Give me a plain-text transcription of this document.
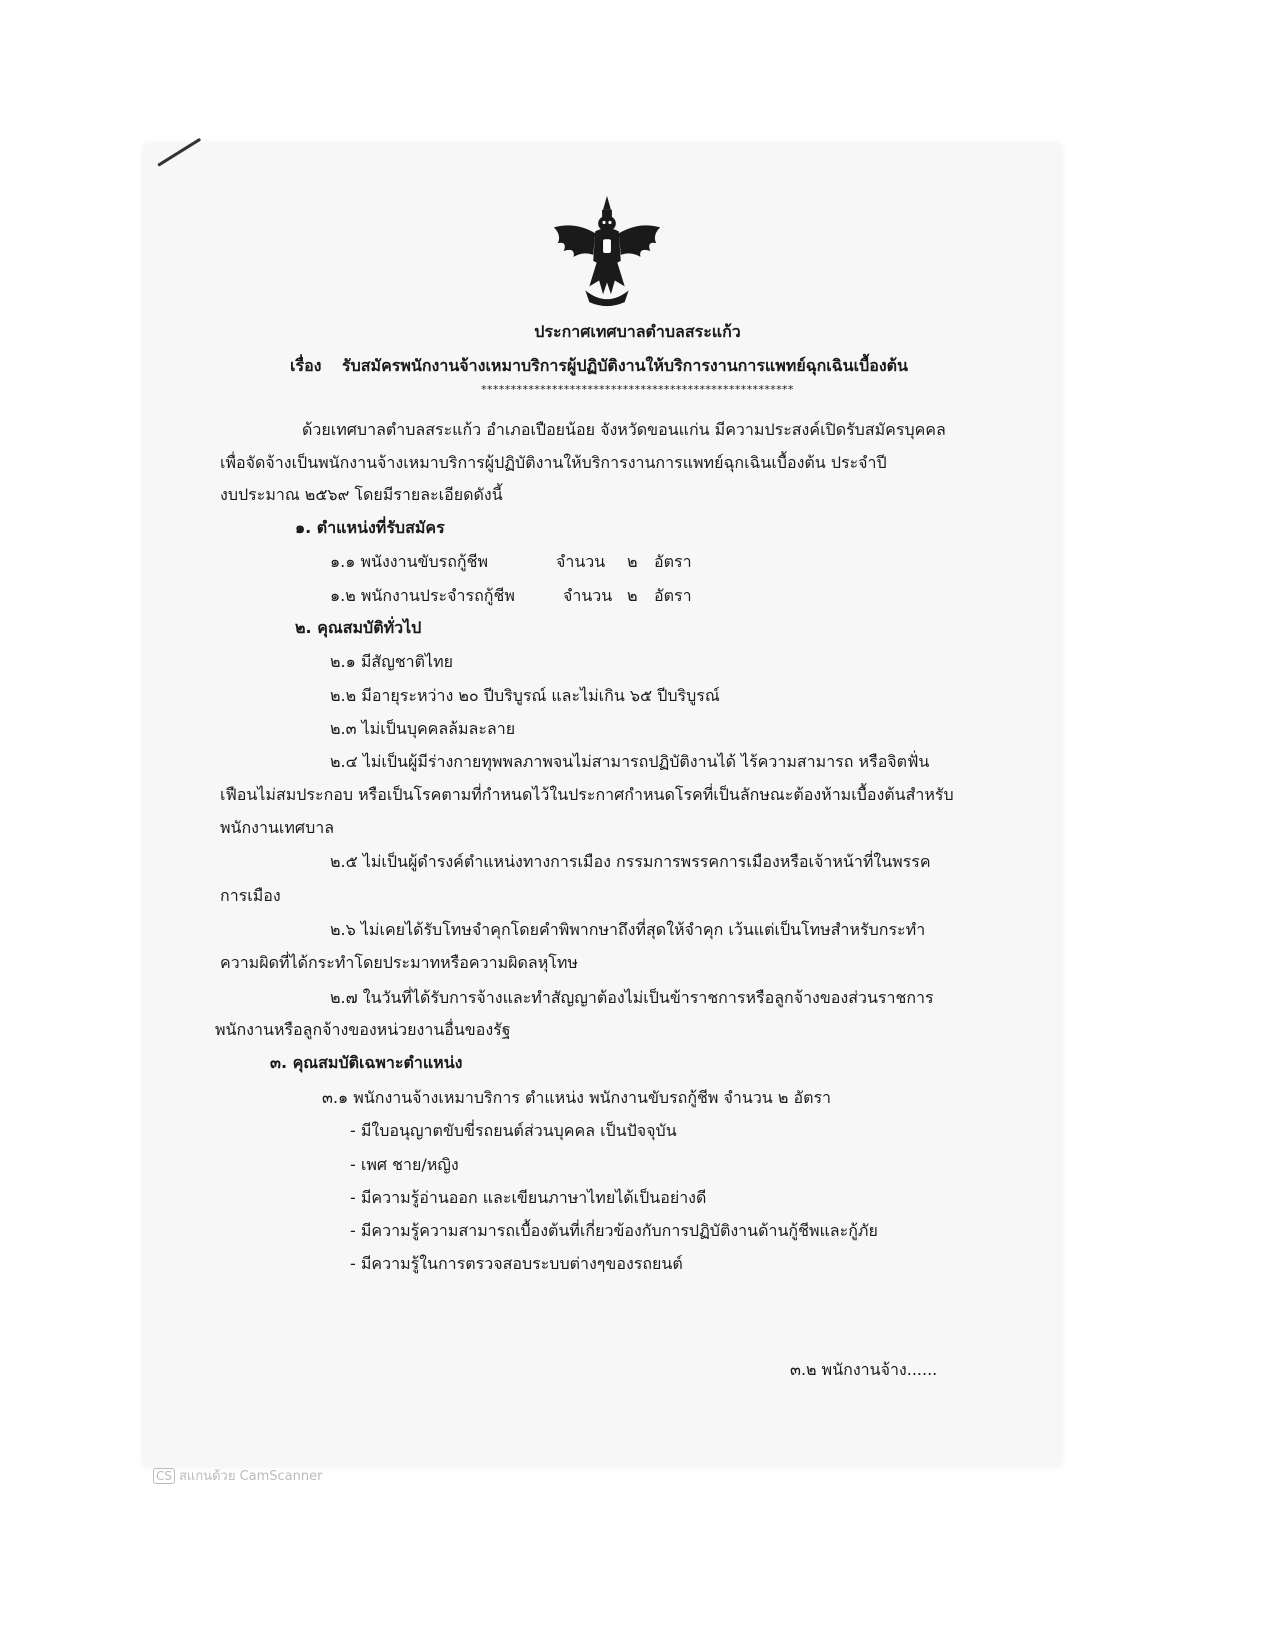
ประกาศเทศบาลตำบลสระแก้ว
เรื่อง รับสมัครพนักงานจ้างเหมาบริการผู้ปฏิบัติงานให้บริการงานการแพทย์ฉุกเฉินเบื้องต้น
*****************************************************
ด้วยเทศบาลตำบลสระแก้ว อำเภอเปือยน้อย จังหวัดขอนแก่น มีความประสงค์เปิดรับสมัครบุคคล
เพื่อจัดจ้างเป็นพนักงานจ้างเหมาบริการผู้ปฏิบัติงานให้บริการงานการแพทย์ฉุกเฉินเบื้องต้น ประจำปี
งบประมาณ ๒๕๖๙ โดยมีรายละเอียดดังนี้
๑. ตำแหน่งที่รับสมัคร
๑.๑ พนังงานขับรถกู้ชีพ	จำนวน ๒ อัตรา
๑.๒ พนักงานประจำรถกู้ชีพ	จำนวน ๒ อัตรา
๒. คุณสมบัติทั่วไป
๒.๑ มีสัญชาติไทย
๒.๒ มีอายุระหว่าง ๒๐ ปีบริบูรณ์ และไม่เกิน ๖๕ ปีบริบูรณ์
๒.๓ ไม่เป็นบุคคลล้มละลาย
๒.๔ ไม่เป็นผู้มีร่างกายทุพพลภาพจนไม่สามารถปฏิบัติงานได้ ไร้ความสามารถ หรือจิตฟั่น
เฟือนไม่สมประกอบ หรือเป็นโรคตามที่กำหนดไว้ในประกาศกำหนดโรคที่เป็นลักษณะต้องห้ามเบื้องต้นสำหรับ
พนักงานเทศบาล
๒.๕ ไม่เป็นผู้ดำรงค์ตำแหน่งทางการเมือง กรรมการพรรคการเมืองหรือเจ้าหน้าที่ในพรรค
การเมือง
๒.๖ ไม่เคยได้รับโทษจำคุกโดยคำพิพากษาถึงที่สุดให้จำคุก เว้นแต่เป็นโทษสำหรับกระทำ
ความผิดที่ได้กระทำโดยประมาทหรือความผิดลหุโทษ
๒.๗ ในวันที่ได้รับการจ้างและทำสัญญาต้องไม่เป็นข้าราชการหรือลูกจ้างของส่วนราชการ
พนักงานหรือลูกจ้างของหน่วยงานอื่นของรัฐ
๓. คุณสมบัติเฉพาะตำแหน่ง
๓.๑ พนักงานจ้างเหมาบริการ ตำแหน่ง พนักงานขับรถกู้ชีพ จำนวน ๒ อัตรา
- มีใบอนุญาตขับขี่รถยนต์ส่วนบุคคล เป็นปัจจุบัน
- เพศ ชาย/หญิง
- มีความรู้อ่านออก และเขียนภาษาไทยได้เป็นอย่างดี
- มีความรู้ความสามารถเบื้องต้นที่เกี่ยวข้องกับการปฏิบัติงานด้านกู้ชีพและกู้ภัย
- มีความรู้ในการตรวจสอบระบบต่างๆของรถยนต์
๓.๒ พนักงานจ้าง......
CS สแกนด้วย CamScanner
